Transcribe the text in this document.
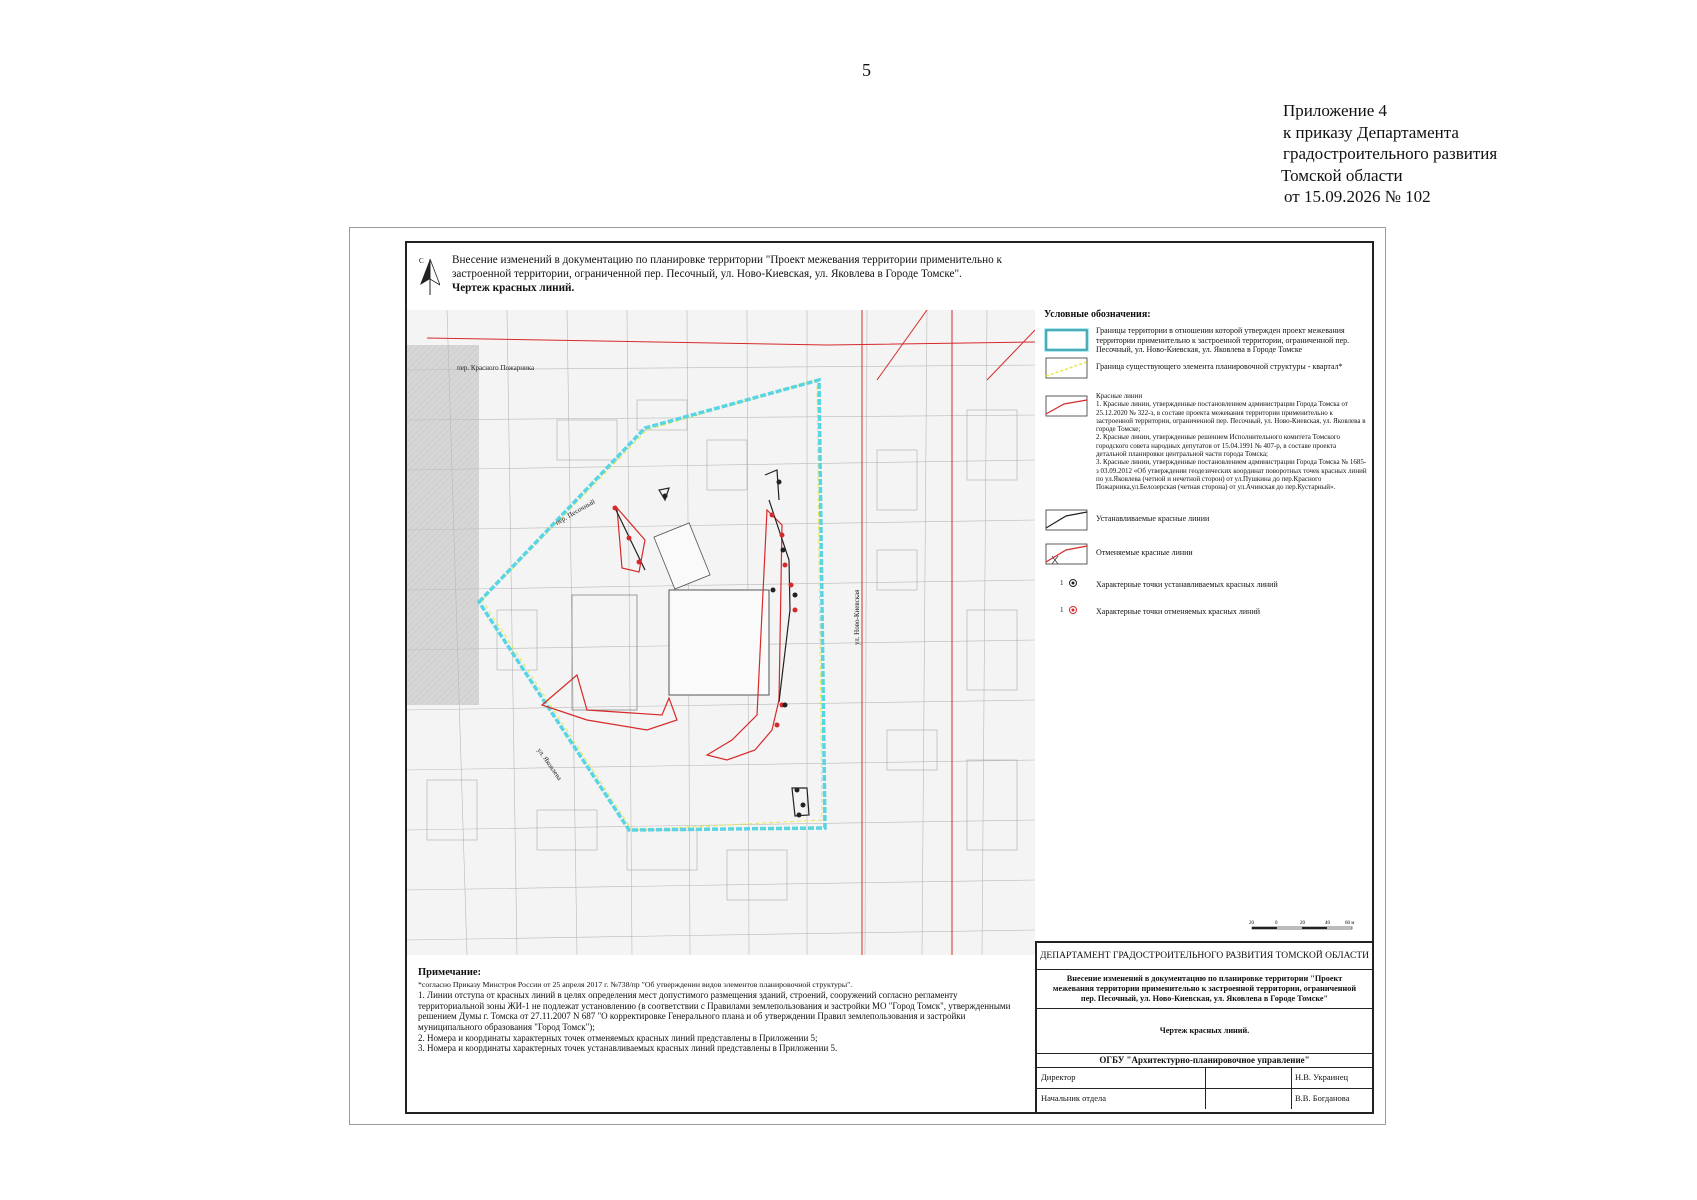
5
Приложение 4
к приказу Департамента
градостроительного развития
Томской области
от 15.09.2026 № 102
С	Внесение изменений в документацию по планировке территории "Проект межевания территории применительно к
застроенной территории, ограниченной пер. Песочный, ул. Ново-Киевская, ул. Яковлева в Городе Томске".
Чертеж красных линий.
пер. Красного Пожарника
пер. Песочный
ул. Ново-Киевская
ул. Яковлева
Условные обозначения:
Границы территории в отношении которой утвержден проект межевания территории применительно к застроенной территории, ограниченной пер. Песочный, ул. Ново-Киевская, ул. Яковлева в Городе Томске
Граница существующего элемента планировочной структуры - квартал*
Красные линии
1. Красные линии, утвержденные постановлением администрации Города Томска от 25.12.2020 № 322-з, в составе проекта межевания территории применительно к застроенной территории, ограниченной пер. Песочный, ул. Ново-Киевская, ул. Яковлева в городе Томске;
2. Красные линии, утвержденные решением Исполнительного комитета Томского городского совета народных депутатов от 15.04.1991 № 407-р, в составе проекта детальной планировки центральной части города Томска;
3. Красные линии, утвержденные постановлением администрации Города Томска № 1685-з 03.09.2012 «Об утверждении геодезических координат поворотных точек красных линий по ул.Яковлева (четной и нечетной сторон) от ул.Пушкина до пер.Красного Пожарника,ул.Белозерская (четная сторона) от ул.Ачинская до пер.Кустарный».
Устанавливаемые красные линии
Отменяемые красные линии
1	Характерные точки устанавливаемых красных линий
1	Характерные точки отменяемых красных линий
20	0	20	40	60 м
Примечание:
*согласно Приказу Минстроя России от 25 апреля 2017 г. №738/пр "Об утверждении видов элементов планировочной структуры".
1. Линии отступа от красных линий в целях определения мест допустимого размещения зданий, строений, сооружений согласно регламенту
территориальной зоны ЖИ-1 не подлежат установлению (в соответствии с Правилами землепользования и застройки МО "Город Томск", утвержденными
решением Думы г. Томска от 27.11.2007 N 687 "О корректировке Генерального плана и об утверждении Правил землепользования и застройки
муниципального образования "Город Томск");
2. Номера и координаты характерных точек отменяемых красных линий представлены в Приложении 5;
3. Номера и координаты характерных точек устанавливаемых красных линий представлены в Приложении 5.
ДЕПАРТАМЕНТ ГРАДОСТРОИТЕЛЬНОГО РАЗВИТИЯ ТОМСКОЙ ОБЛАСТИ
Внесение изменений в документацию по планировке территории "Проект
межевания территории применительно к застроенной территории, ограниченной
пер. Песочный, ул. Ново-Киевская, ул. Яковлева в Городе Томске"
Чертеж красных линий.
ОГБУ "Архитектурно-планировочное управление"
Директор	Н.В. Украинец
Начальник отдела	В.В. Богданова
